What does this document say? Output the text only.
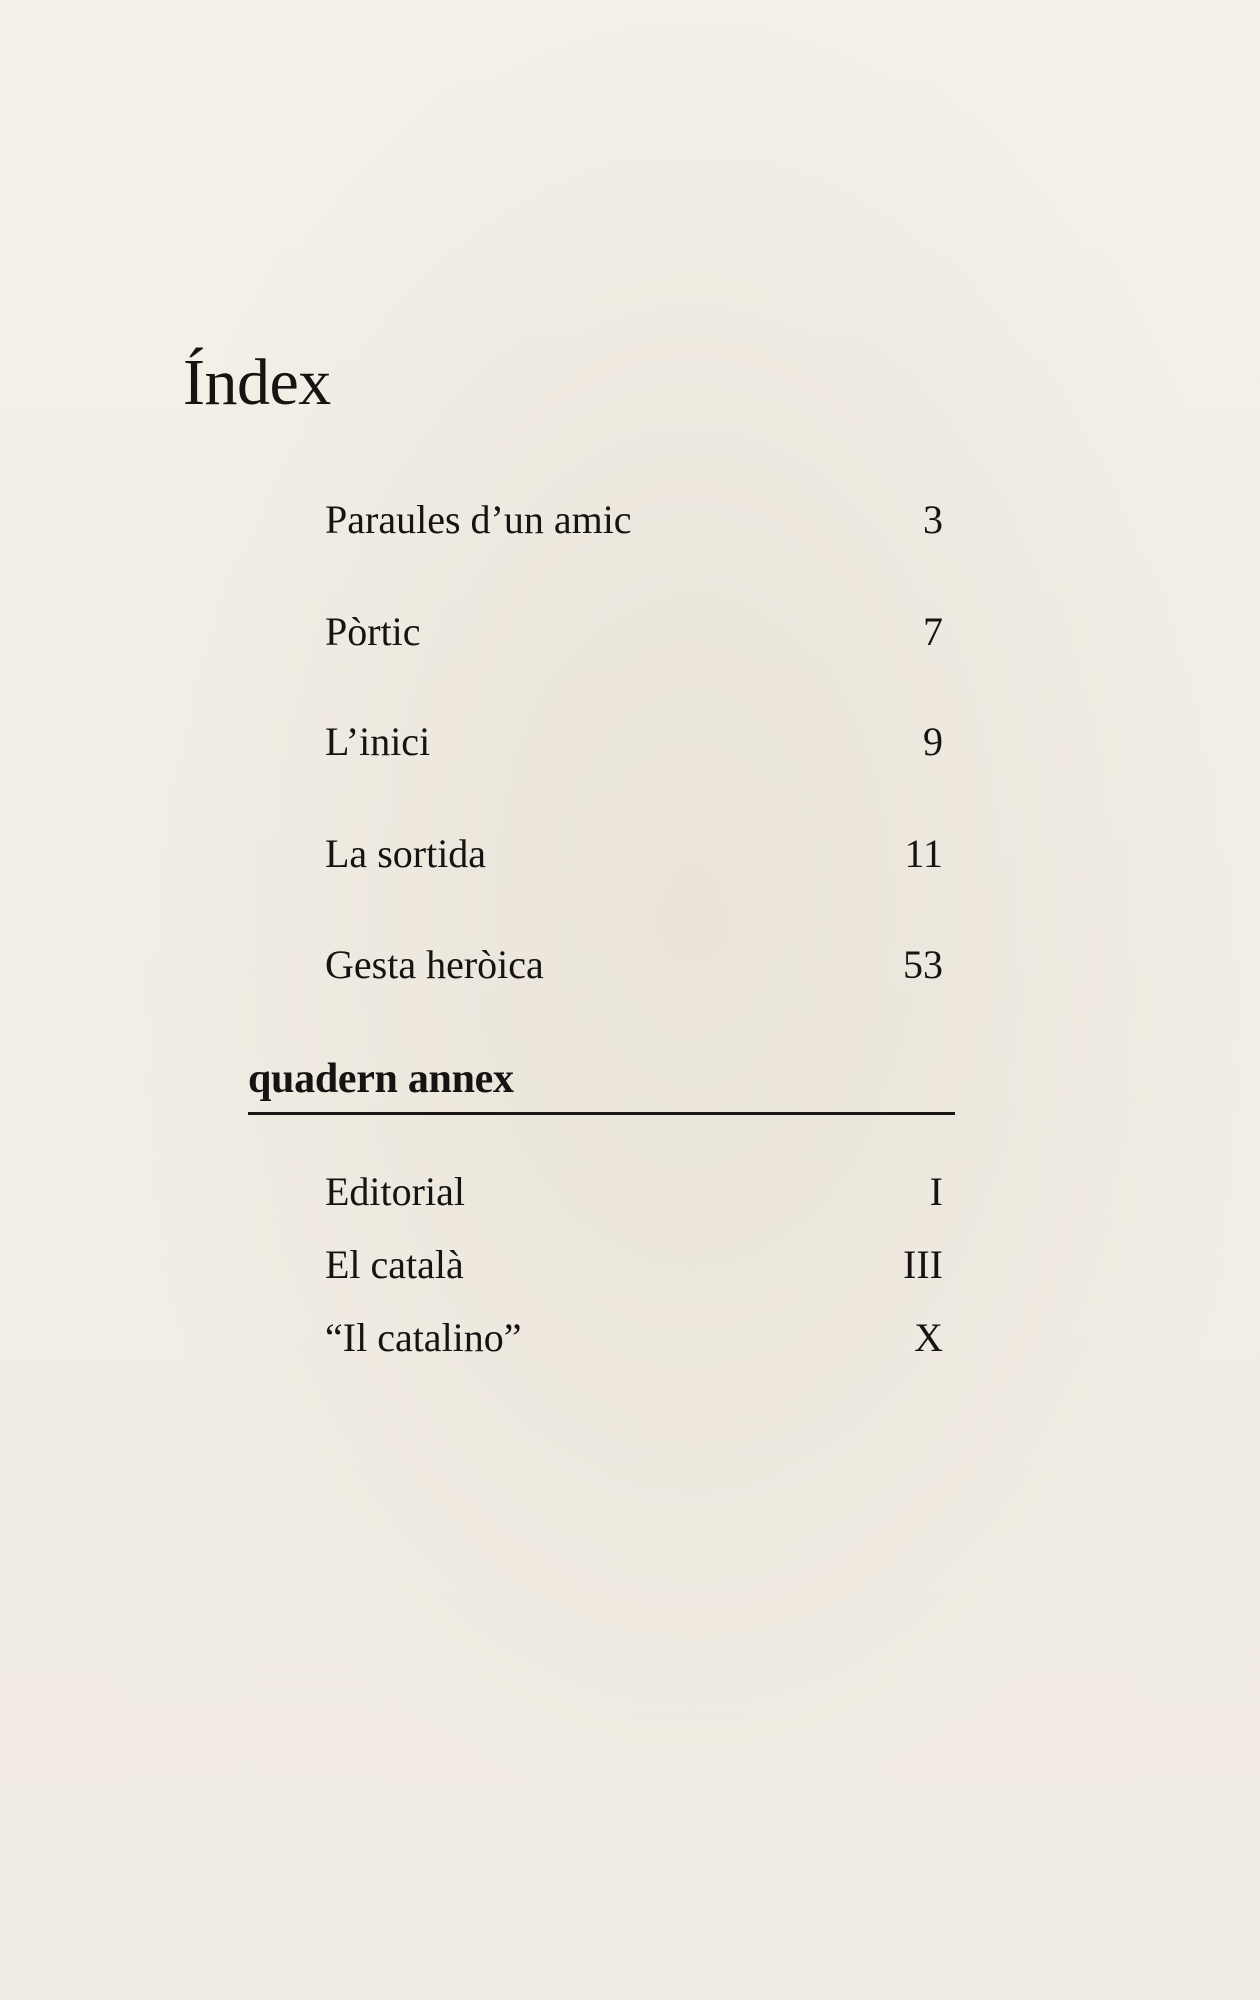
Índex
Paraules d’un amic	3
Pòrtic	7
L’inici	9
La sortida	11
Gesta heròica	53
quadern annex
Editorial	I
El català	III
“Il catalino”	X
